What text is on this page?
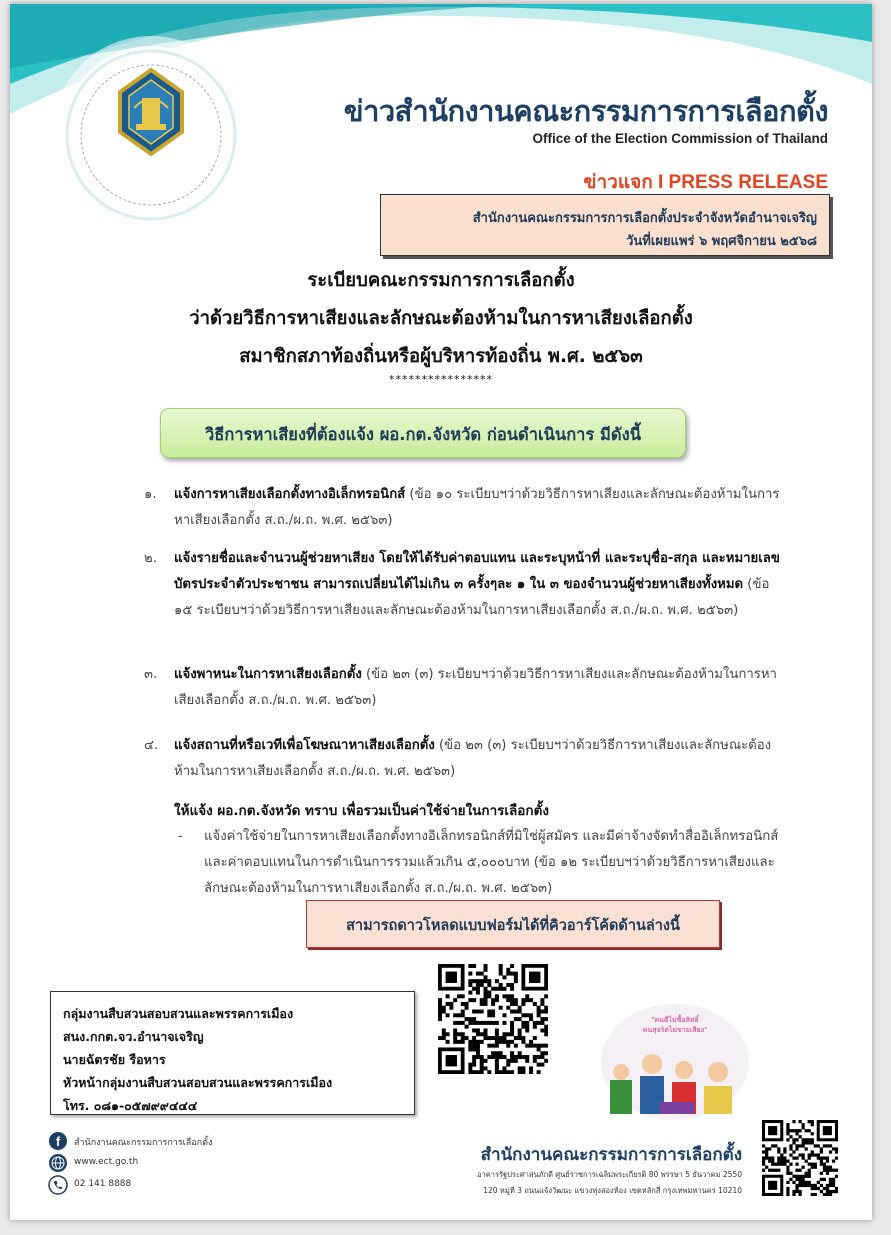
ข่าวสำนักงานคณะกรรมการการเลือกตั้ง
Office of the Election Commission of Thailand
ข่าวแจก I PRESS RELEASE
สำนักงานคณะกรรมการการเลือกตั้งประจำจังหวัดอำนาจเจริญ
วันที่เผยแพร่ ๖ พฤศจิกายน ๒๕๖๘
ระเบียบคณะกรรมการการเลือกตั้ง
ว่าด้วยวิธีการหาเสียงและลักษณะต้องห้ามในการหาเสียงเลือกตั้ง
สมาชิกสภาท้องถิ่นหรือผู้บริหารท้องถิ่น พ.ศ. ๒๕๖๓
****************
วิธีการหาเสียงที่ต้องแจ้ง ผอ.กต.จังหวัด ก่อนดำเนินการ มีดังนี้
๑. แจ้งการหาเสียงเลือกตั้งทางอิเล็กทรอนิกส์ (ข้อ ๑๐ ระเบียบฯว่าด้วยวิธีการหาเสียงและลักษณะต้องห้ามในการหาเสียงเลือกตั้ง ส.ถ./ผ.ถ. พ.ศ. ๒๕๖๓)
๒. แจ้งรายชื่อและจำนวนผู้ช่วยหาเสียง โดยให้ได้รับค่าตอบแทน และระบุหน้าที่ และระบุชื่อ-สกุล และหมายเลขบัตรประจำตัวประชาชน สามารถเปลี่ยนได้ไม่เกิน ๓ ครั้งๆละ ๑ ใน ๓ ของจำนวนผู้ช่วยหาเสียงทั้งหมด (ข้อ ๑๕ ระเบียบฯว่าด้วยวิธีการหาเสียงและลักษณะต้องห้ามในการหาเสียงเลือกตั้ง ส.ถ./ผ.ถ. พ.ศ. ๒๕๖๓)
๓. แจ้งพาหนะในการหาเสียงเลือกตั้ง (ข้อ ๒๓ (๓) ระเบียบฯว่าด้วยวิธีการหาเสียงและลักษณะต้องห้ามในการหาเสียงเลือกตั้ง ส.ถ./ผ.ถ. พ.ศ. ๒๕๖๓)
๔. แจ้งสถานที่หรือเวทีเพื่อโฆษณาหาเสียงเลือกตั้ง (ข้อ ๒๓ (๓) ระเบียบฯว่าด้วยวิธีการหาเสียงและลักษณะต้องห้ามในการหาเสียงเลือกตั้ง ส.ถ./ผ.ถ. พ.ศ. ๒๕๖๓)
ให้แจ้ง ผอ.กต.จังหวัด ทราบ เพื่อรวมเป็นค่าใช้จ่ายในการเลือกตั้ง
- แจ้งค่าใช้จ่ายในการหาเสียงเลือกตั้งทางอิเล็กทรอนิกส์ที่มิใช่ผู้สมัคร และมีค่าจ้างจัดทำสื่ออิเล็กทรอนิกส์และค่าตอบแทนในการดำเนินการรวมแล้วเกิน ๕,๐๐๐บาท (ข้อ ๑๒ ระเบียบฯว่าด้วยวิธีการหาเสียงและลักษณะต้องห้ามในการหาเสียงเลือกตั้ง ส.ถ./ผ.ถ. พ.ศ. ๒๕๖๓)
สามารถดาวโหลดแบบฟอร์มได้ที่คิวอาร์โค้ดด้านล่างนี้
"คนดีไม่ซื้อสิทธิ์
คนสุจริตไม่ขายเสียง"
กลุ่มงานสืบสวนสอบสวนและพรรคการเมือง
สนง.กกต.จว.อำนาจเจริญ
นายฉัตรชัย รือหาร
หัวหน้ากลุ่มงานสืบสวนสอบสวนและพรรคการเมือง
โทร. ๐๘๑-๐๕๗๙๙๔๔๔
f สำนักงานคณะกรรมการการเลือกตั้ง
www.ect.go.th
02 141 8888
สำนักงานคณะกรรมการการเลือกตั้ง
อาคารรัฐประศาสนภักดี ศูนย์ราชการเฉลิมพระเกียรติ 80 พรรษา 5 ธันวาคม 2550
120 หมู่ที่ 3 ถนนแจ้งวัฒนะ แขวงทุ่งสองห้อง เขตหลักสี่ กรุงเทพมหานคร 10210
